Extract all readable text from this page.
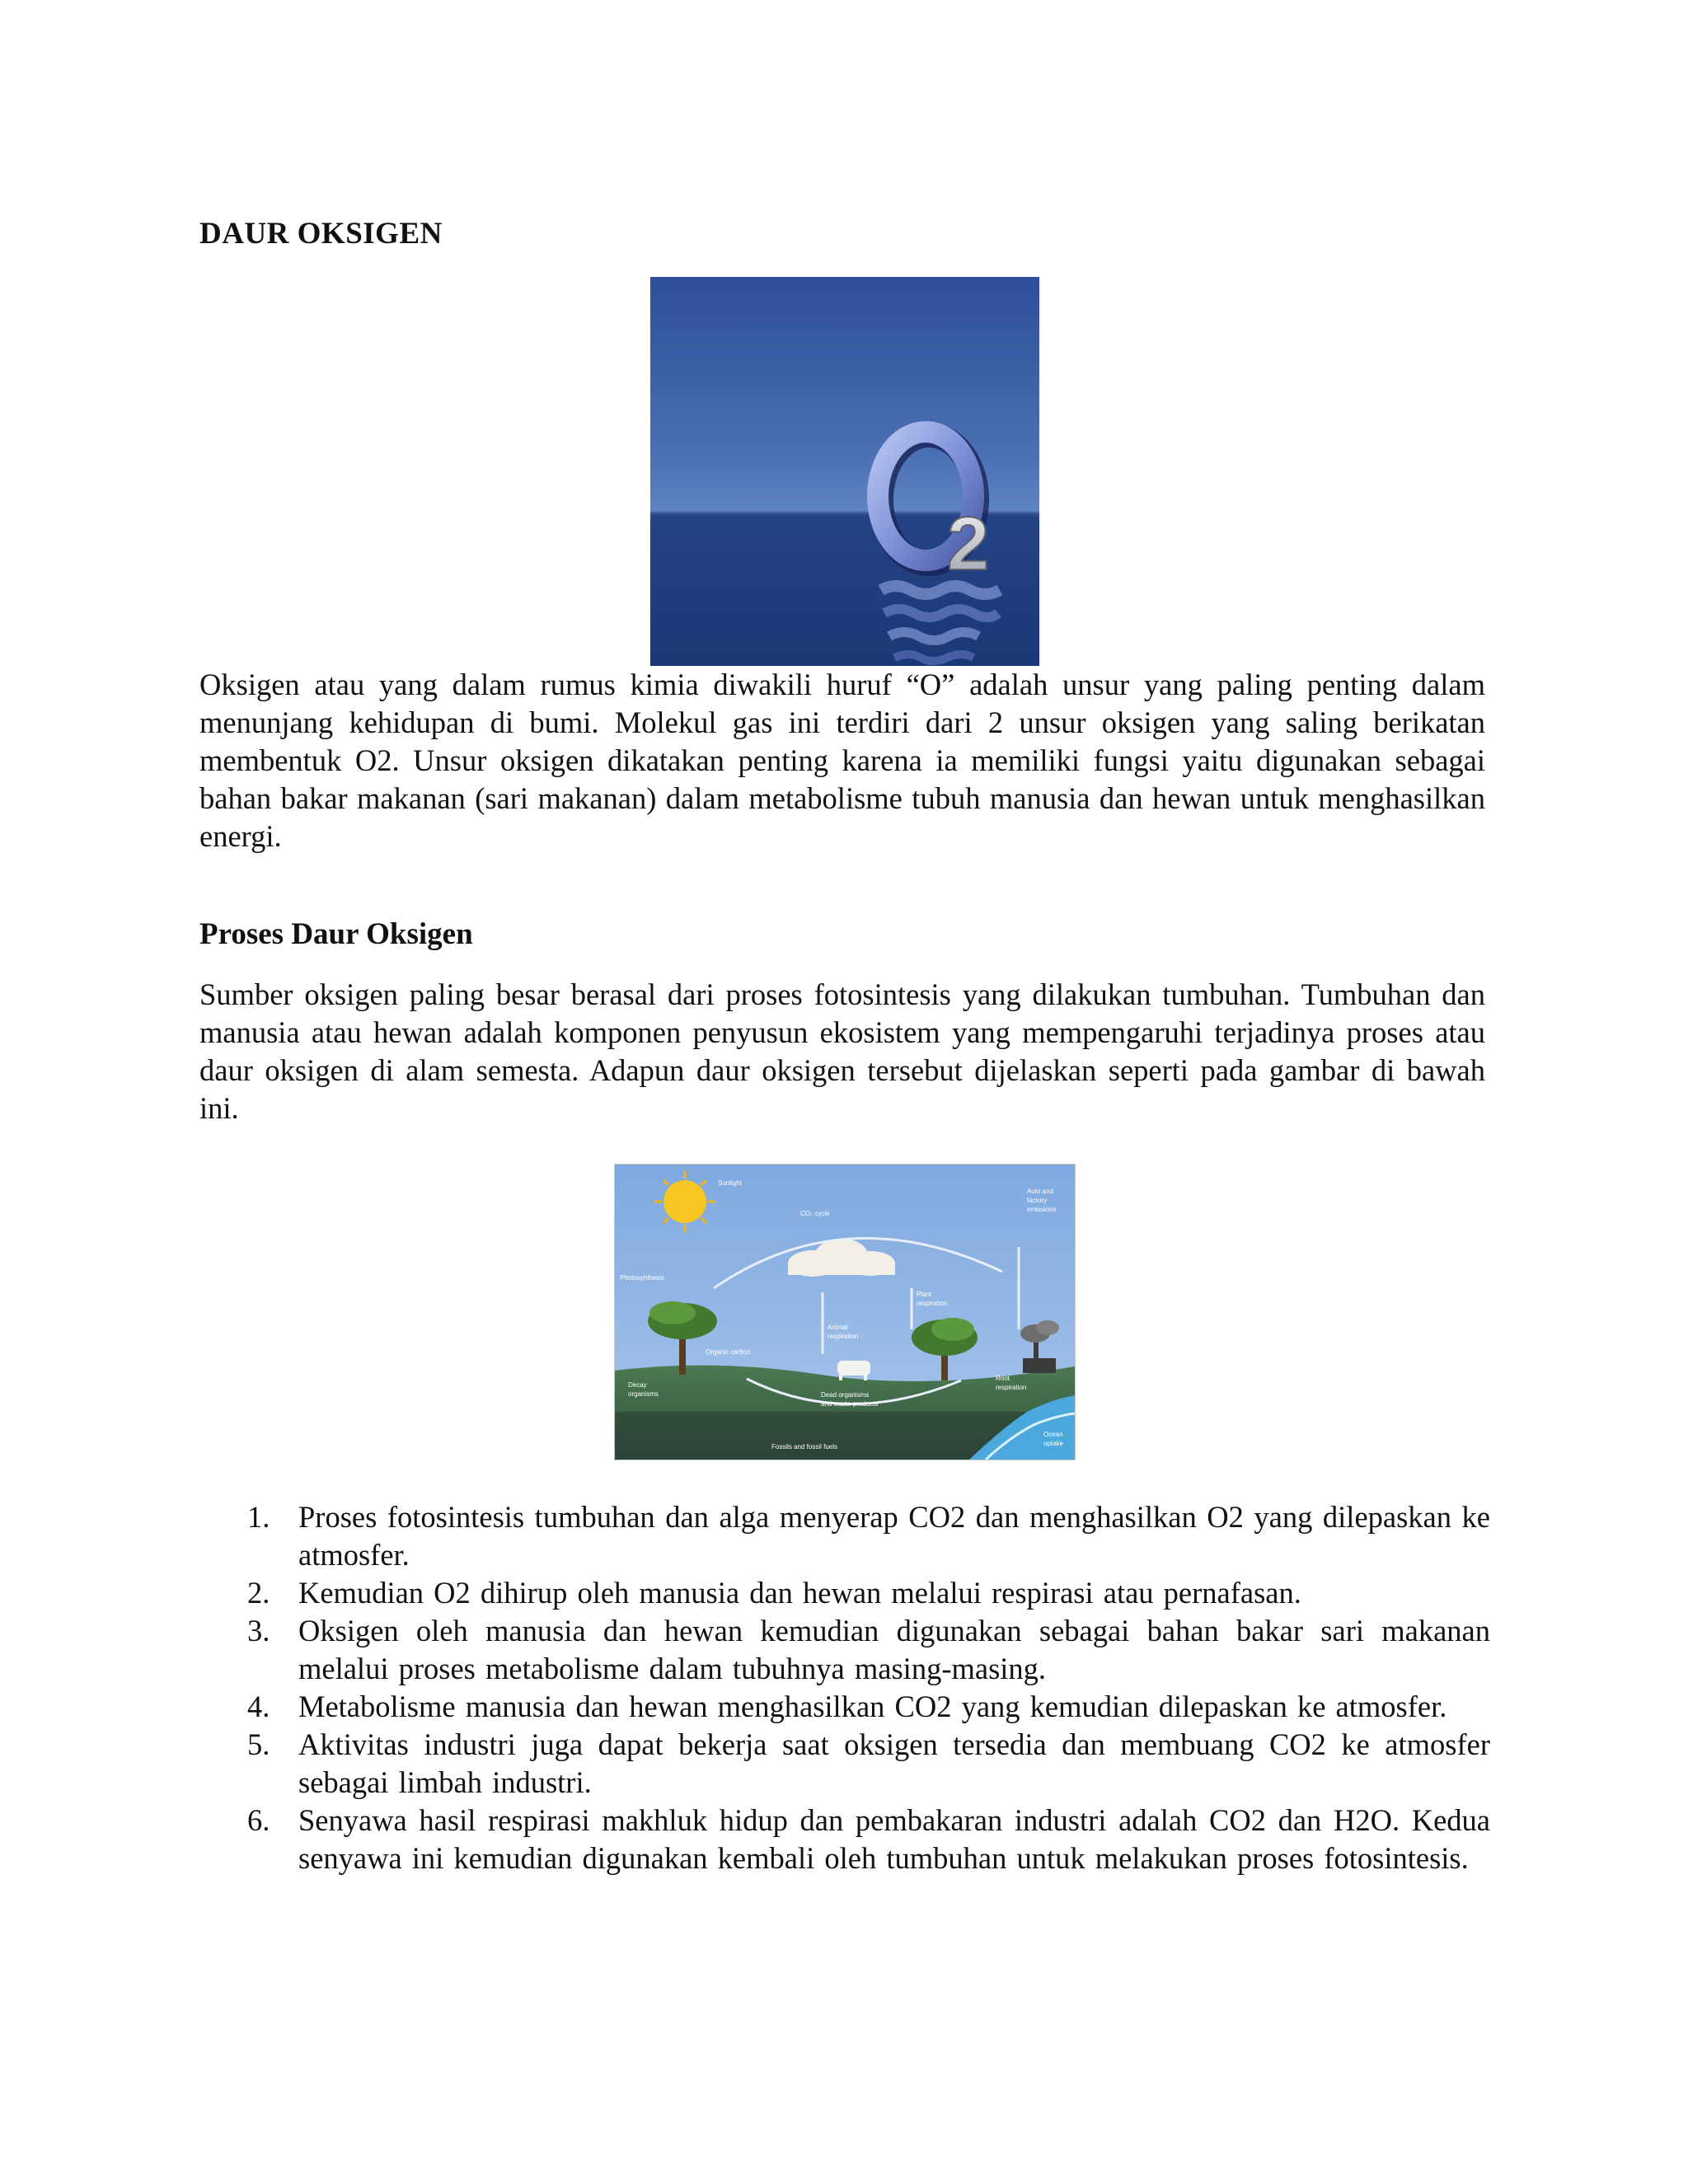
DAUR OKSIGEN
2

Oksigen atau yang dalam rumus kimia diwakili huruf “O” adalah unsur yang paling penting dalam menunjang kehidupan di bumi. Molekul gas ini terdiri dari 2 unsur oksigen yang saling berikatan membentuk O2. Unsur oksigen dikatakan penting karena ia memiliki fungsi yaitu digunakan sebagai bahan bakar makanan (sari makanan) dalam metabolisme tubuh manusia dan hewan untuk menghasilkan energi.

Proses Daur Oksigen

Sumber oksigen paling besar berasal dari proses fotosintesis yang dilakukan tumbuhan. Tumbuhan dan manusia atau hewan adalah komponen penyusun ekosistem yang mempengaruhi terjadinya proses atau daur oksigen di alam semesta. Adapun daur oksigen tersebut dijelaskan seperti pada gambar di bawah ini.

Sunlight
CO₂ cycle
Auto and
factory
emissions
Photosynthesis
Plant
respiration
Animal
respiration
Organic carbon
Decay
organisms	Dead organisms
and waste products
Root
respiration
Fossils and fossil fuels
Ocean
uptake
1. Proses fotosintesis tumbuhan dan alga menyerap CO2 dan menghasilkan O2 yang dilepaskan ke atmosfer.
2. Kemudian O2 dihirup oleh manusia dan hewan melalui respirasi atau pernafasan.
3. Oksigen oleh manusia dan hewan kemudian digunakan sebagai bahan bakar sari makanan melalui proses metabolisme dalam tubuhnya masing-masing.
4. Metabolisme manusia dan hewan menghasilkan CO2 yang kemudian dilepaskan ke atmosfer.
5. Aktivitas industri juga dapat bekerja saat oksigen tersedia dan membuang CO2 ke atmosfer sebagai limbah industri.
6. Senyawa hasil respirasi makhluk hidup dan pembakaran industri adalah CO2 dan H2O. Kedua senyawa ini kemudian digunakan kembali oleh tumbuhan untuk melakukan proses fotosintesis.
